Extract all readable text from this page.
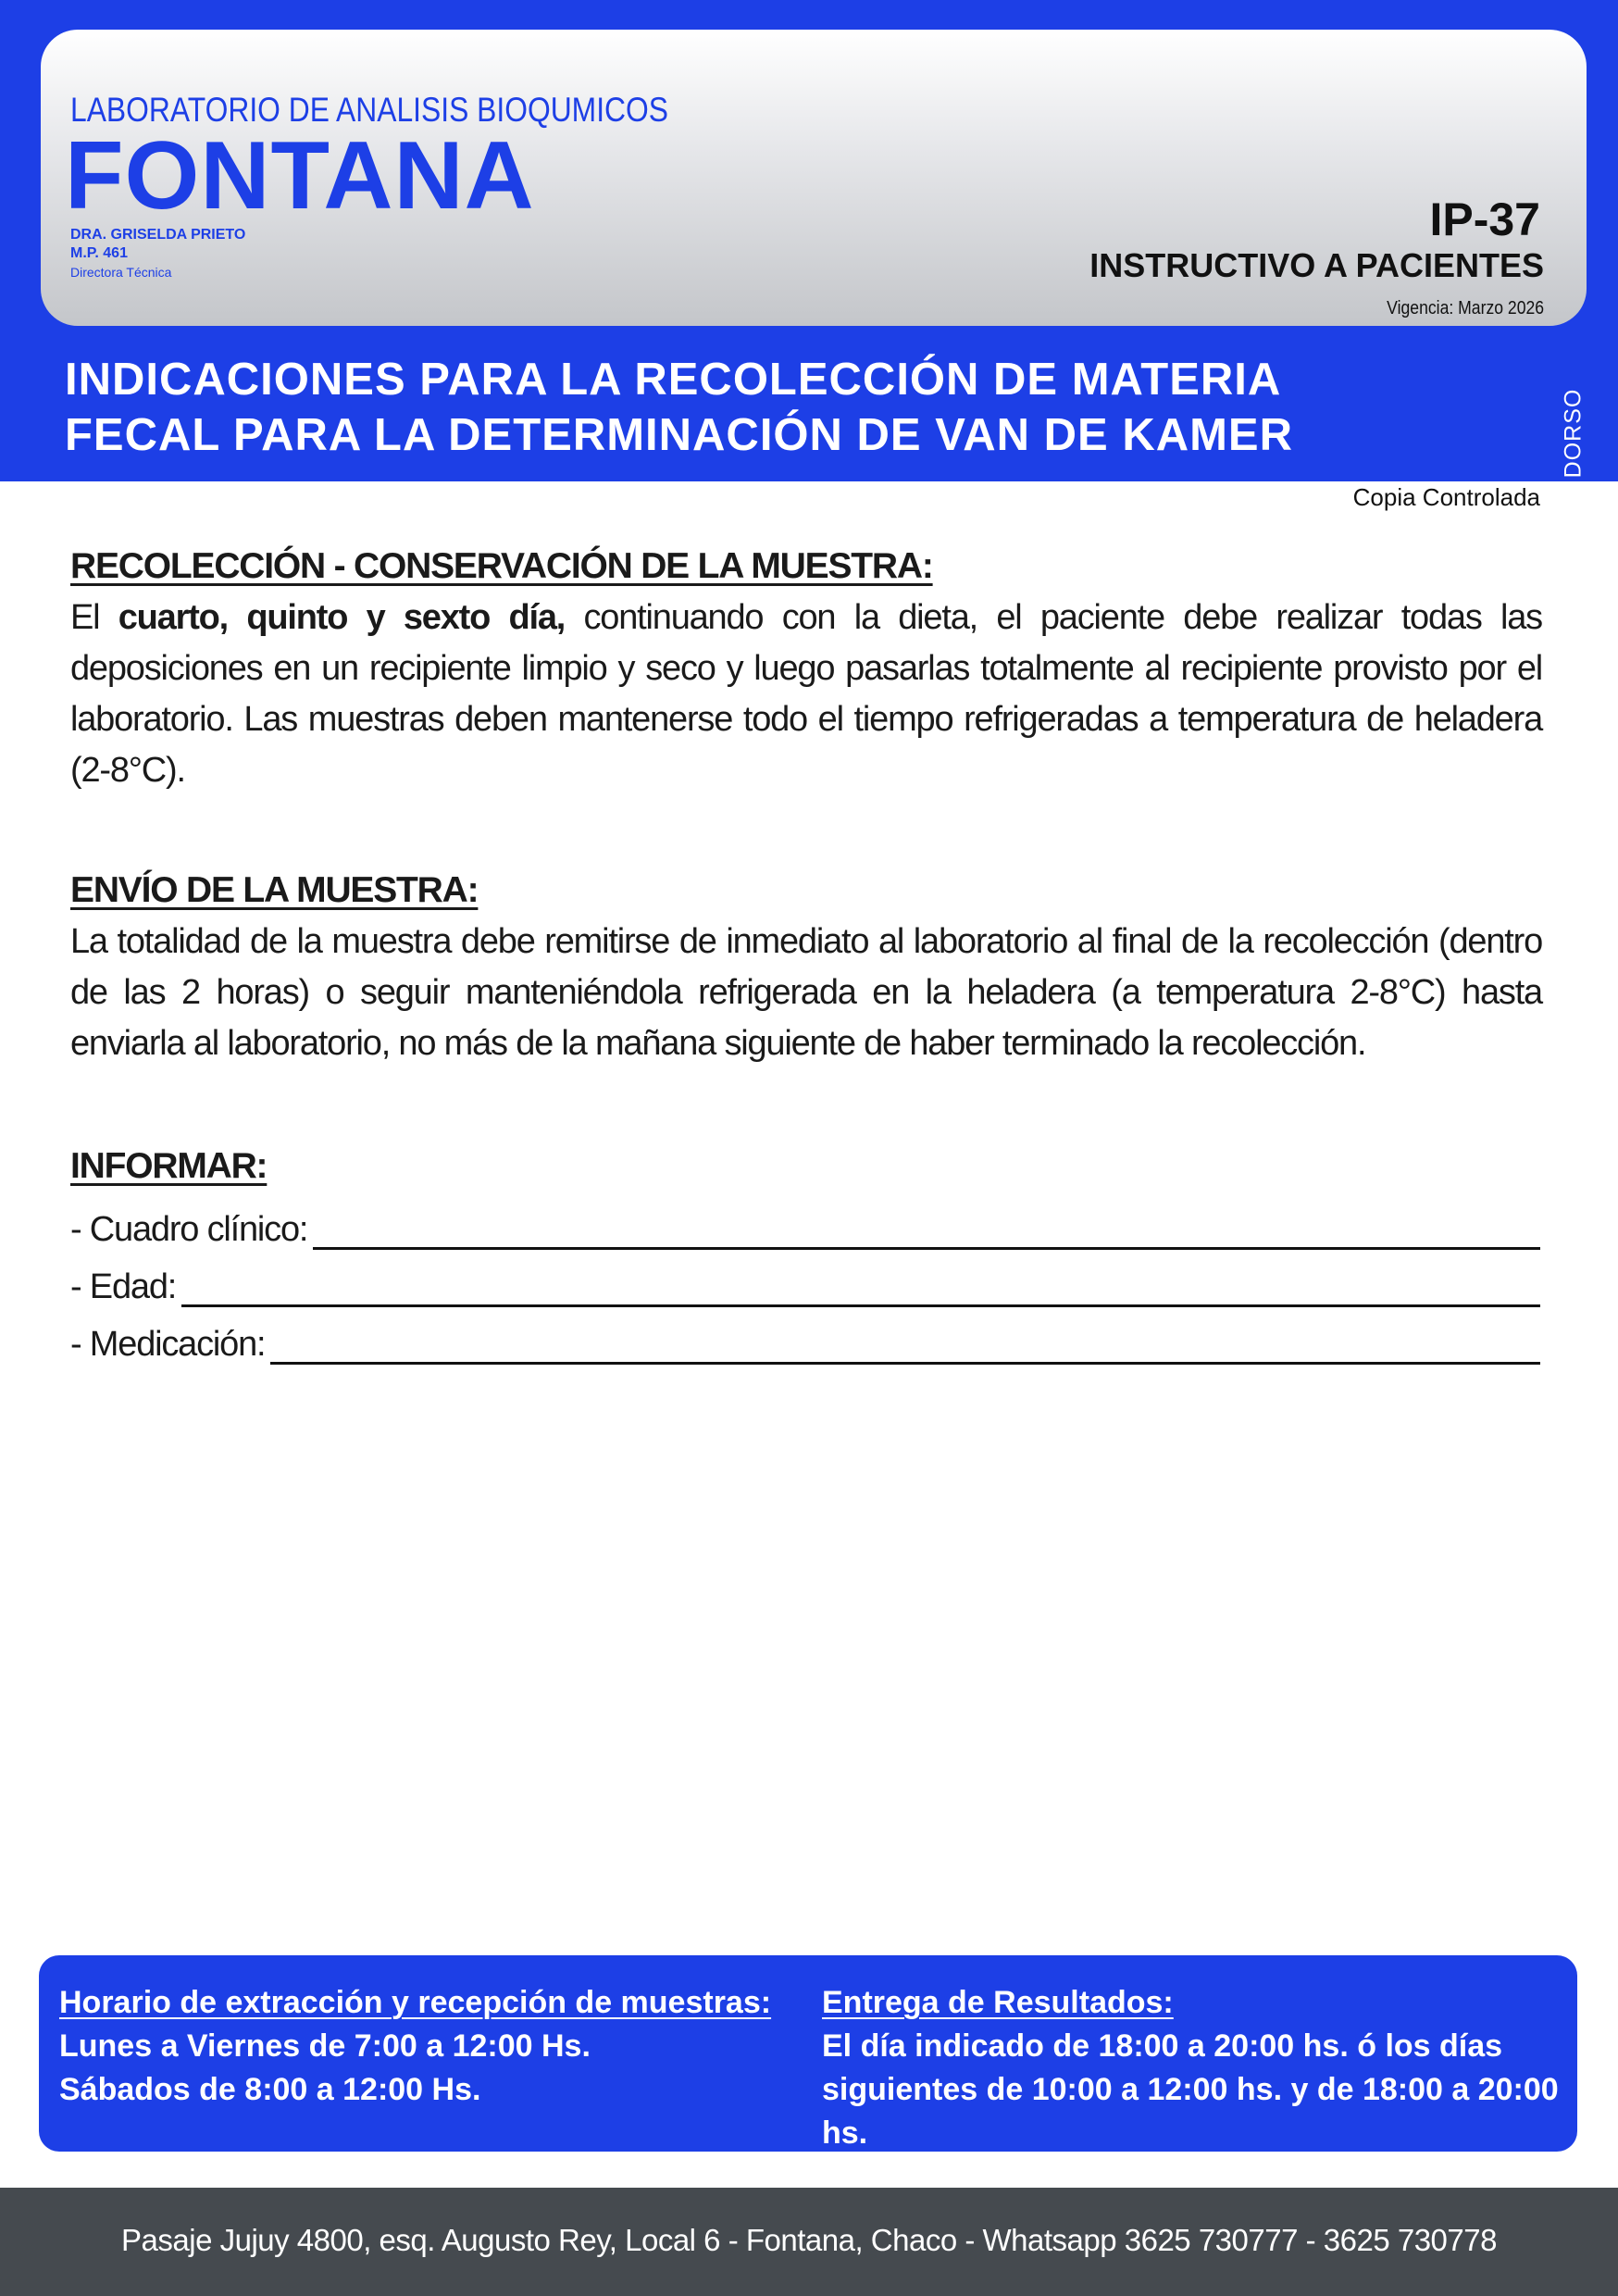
LABORATORIO DE ANALISIS BIOQUMICOS
FONTANA
DRA. GRISELDA PRIETO
M.P. 461
Directora Técnica
IP-37
INSTRUCTIVO A PACIENTES
Vigencia: Marzo 2026
INDICACIONES PARA LA RECOLECCIÓN DE MATERIA
FECAL PARA LA DETERMINACIÓN DE VAN DE KAMER	DORSO
Copia Controlada

RECOLECCIÓN - CONSERVACIÓN DE LA MUESTRA:

El cuarto, quinto y sexto día, continuando con la dieta, el paciente debe realizar todas las deposiciones en un recipiente limpio y seco y luego pasarlas totalmente al recipiente provisto por el laboratorio. Las muestras deben mantenerse todo el tiempo refrigeradas a temperatura de heladera (2-8°C).

ENVÍO DE LA MUESTRA:

La totalidad de la muestra debe remitirse de inmediato al laboratorio al final de la recolección (dentro de las 2 horas) o seguir manteniéndola refrigerada en la heladera (a temperatura 2-8°C) hasta enviarla al laboratorio, no más de la mañana siguiente de haber terminado la recolección.

INFORMAR:

- Cuadro clínico:
- Edad:
- Medicación:
Horario de extracción y recepción de muestras:
Lunes a Viernes de 7:00 a 12:00 Hs.
Sábados de 8:00 a 12:00 Hs.
Entrega de Resultados:
El día indicado de 18:00 a 20:00 hs. ó los días
siguientes de 10:00 a 12:00 hs. y de 18:00 a 20:00 hs.
Pasaje Jujuy 4800, esq. Augusto Rey, Local 6 - Fontana, Chaco - Whatsapp 3625 730777 - 3625 730778
